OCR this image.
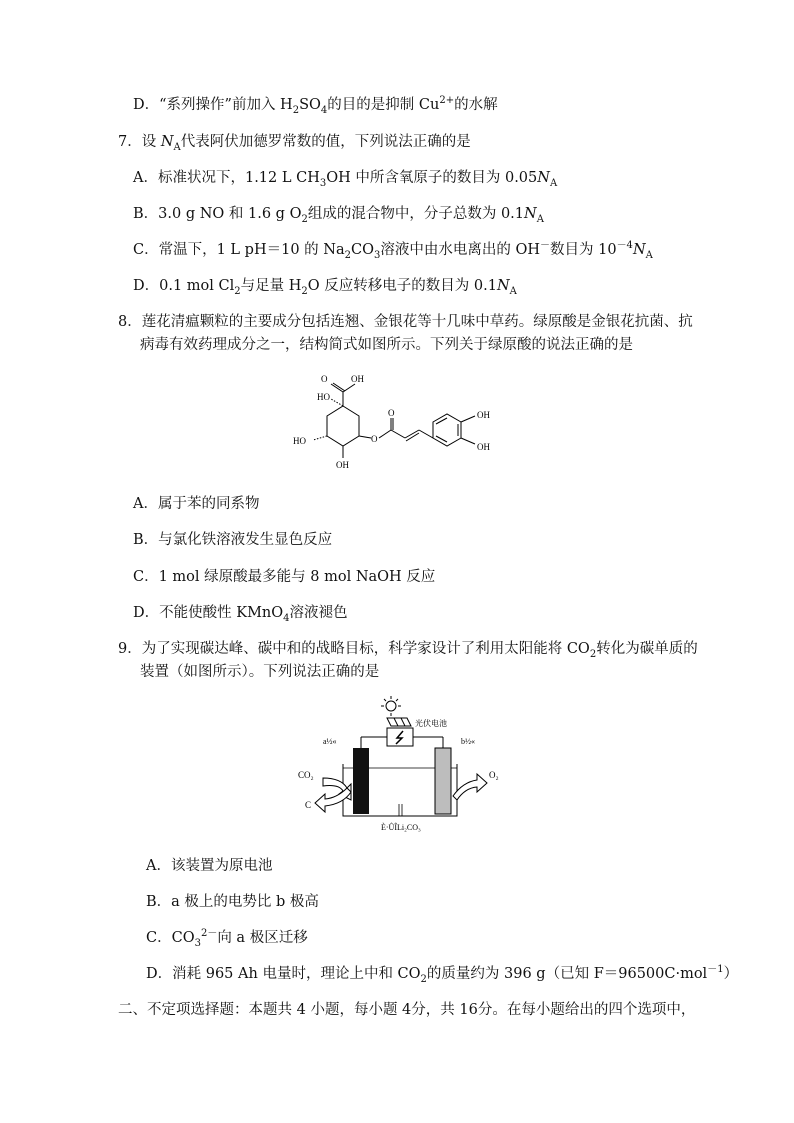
D．“系列操作”前加入 $H_2SO_4$的目的是抑制 $Cu^{2+}$的水解
7．设 $N_A$代表阿伏加德罗常数的值，下列说法正确的是
A．标准状况下，1.12 L $CH_3OH$ 中所含氧原子的数目为 $0.05N_A$
B．3.0 g NO 和 1.6 g $O_2$组成的混合物中，分子总数为 $0.1N_A$
C．常温下，1 L pH＝10 的 $Na_2CO_3$溶液中由水电离出的 OH－数目为 $10^{-4}N_A$
D．0.1 mol $Cl_2$与足量 $H_2O$ 反应转移电子的数目为 $0.1N_A$
8．莲花清瘟颗粒的主要成分包括连翘、金银花等十几味中草药。绿原酸是金银花抗菌、抗
病毒有效药理成分之一，结构简式如图所示。下列关于绿原酸的说法正确的是
O	OH
HO
HO
OH
O
O	OH
OH
A．属于苯的同系物
B．与氯化铁溶液发生显色反应
C．1 mol 绿原酸最多能与 8 mol NaOH 反应
D．不能使酸性 KMnO$_4$溶液褪色
9．为了实现碳达峰、碳中和的战略目标，科学家设计了利用太阳能将 $CO_2$转化为碳单质的
装置（如图所示）。下列说法正确的是
光伏电池
a½«	b½«
CO₂
C
O₂
È·ÛÎLi₂CO₃
A．该装置为原电池
B．a 极上的电势比 b 极高
C．$CO_3^{2-}$向 a 极区迁移
D．消耗 965 Ah 电量时，理论上中和 $CO_2$的质量约为 396 g（已知 F＝96500C·mol$^{-1}$）
二、不定项选择题：本题共 4 小题，每小题 4分，共 16分。在每小题给出的四个选项中，
